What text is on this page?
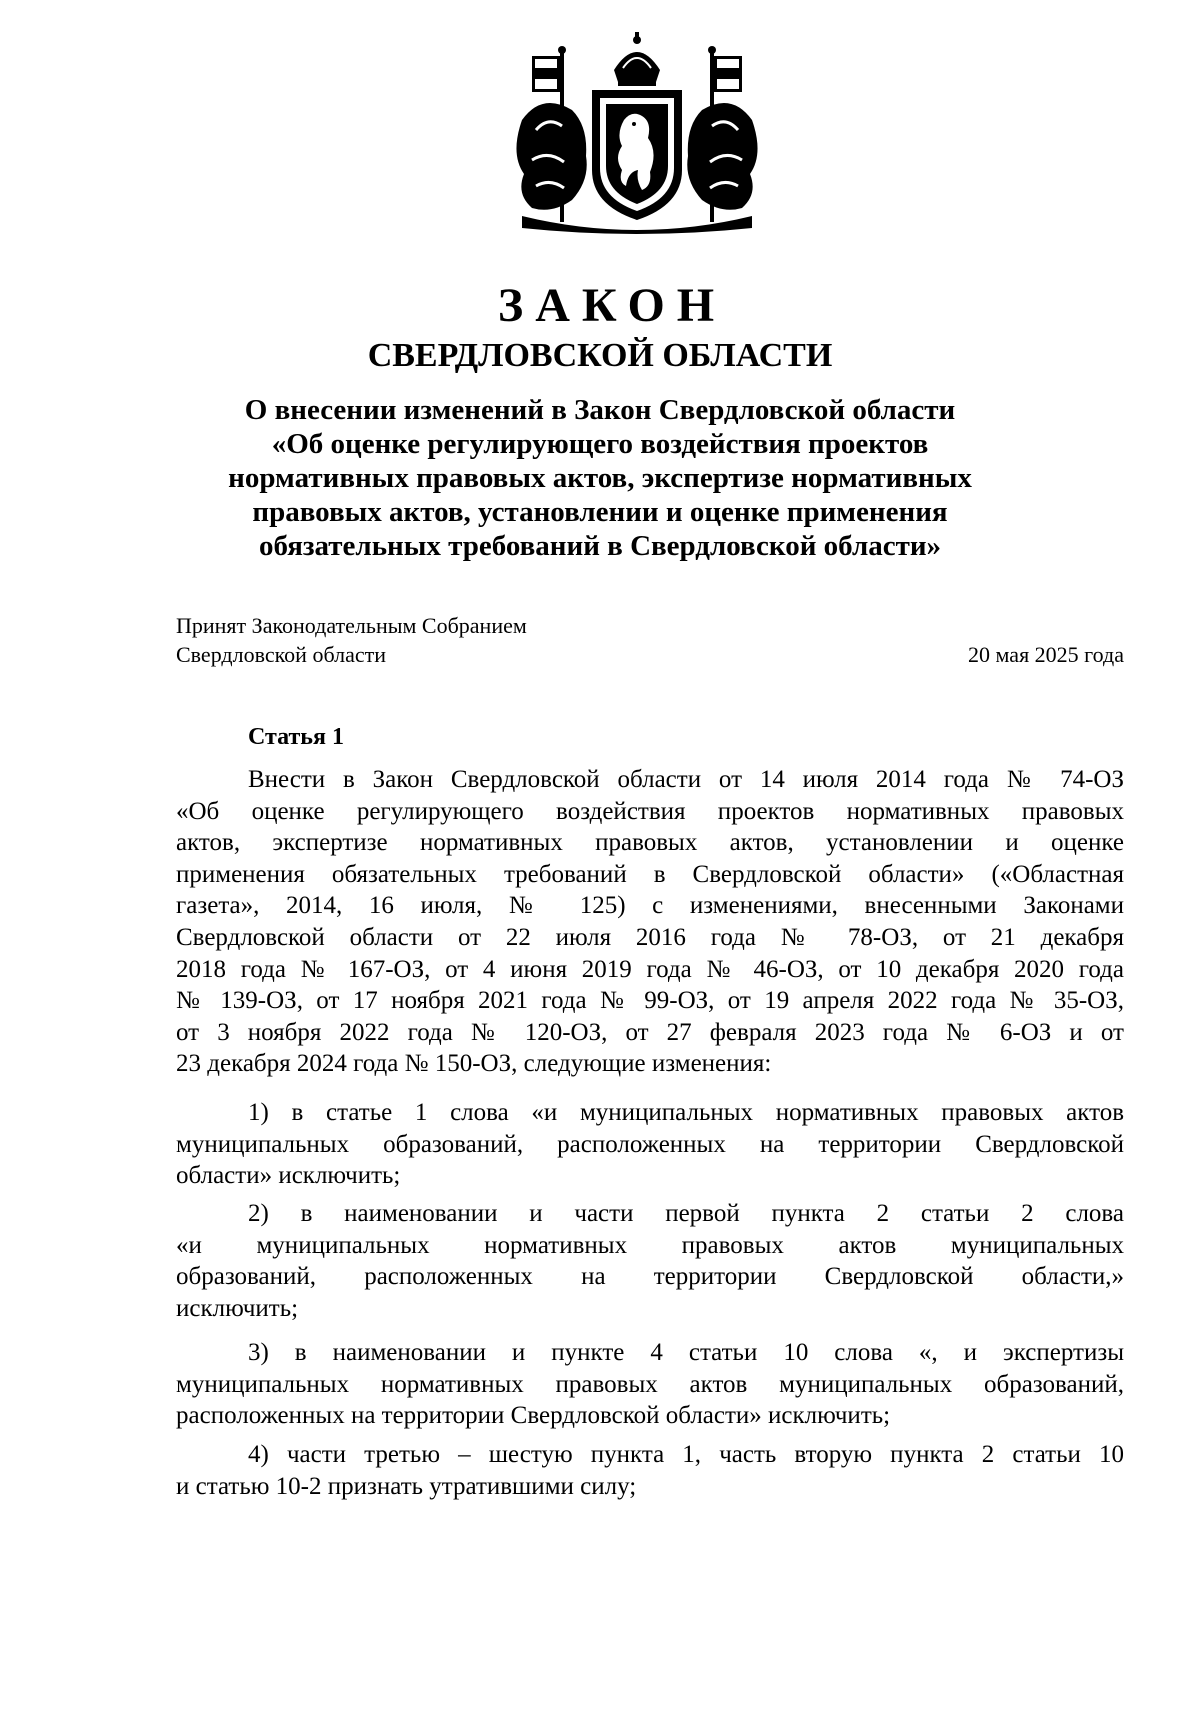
ЗАКОН
СВЕРДЛОВСКОЙ ОБЛАСТИ
О внесении изменений в Закон Свердловской области
«Об оценке регулирующего воздействия проектов
нормативных правовых актов, экспертизе нормативных
правовых актов, установлении и оценке применения
обязательных требований в Свердловской области»
Принят Законодательным Собранием
Свердловской области	20 мая 2025 года
Статья 1
Внести в Закон Свердловской области от 14 июля 2014 года № 74-ОЗ
«Об оценке регулирующего воздействия проектов нормативных правовых
актов, экспертизе нормативных правовых актов, установлении и оценке
применения обязательных требований в Свердловской области» («Областная
газета», 2014, 16 июля, № 125) с изменениями, внесенными Законами
Свердловской области от 22 июля 2016 года № 78-ОЗ, от 21 декабря
2018 года № 167-ОЗ, от 4 июня 2019 года № 46-ОЗ, от 10 декабря 2020 года
№ 139-ОЗ, от 17 ноября 2021 года № 99-ОЗ, от 19 апреля 2022 года № 35-ОЗ,
от 3 ноября 2022 года № 120-ОЗ, от 27 февраля 2023 года № 6-ОЗ и от
23 декабря 2024 года № 150-ОЗ, следующие изменения:
1) в статье 1 слова «и муниципальных нормативных правовых актов
муниципальных образований, расположенных на территории Свердловской
области» исключить;
2) в наименовании и части первой пункта 2 статьи 2 слова
«и муниципальных нормативных правовых актов муниципальных
образований, расположенных на территории Свердловской области,»
исключить;
3) в наименовании и пункте 4 статьи 10 слова «, и экспертизы
муниципальных нормативных правовых актов муниципальных образований,
расположенных на территории Свердловской области» исключить;
4) части третью – шестую пункта 1, часть вторую пункта 2 статьи 10
и статью 10-2 признать утратившими силу;
